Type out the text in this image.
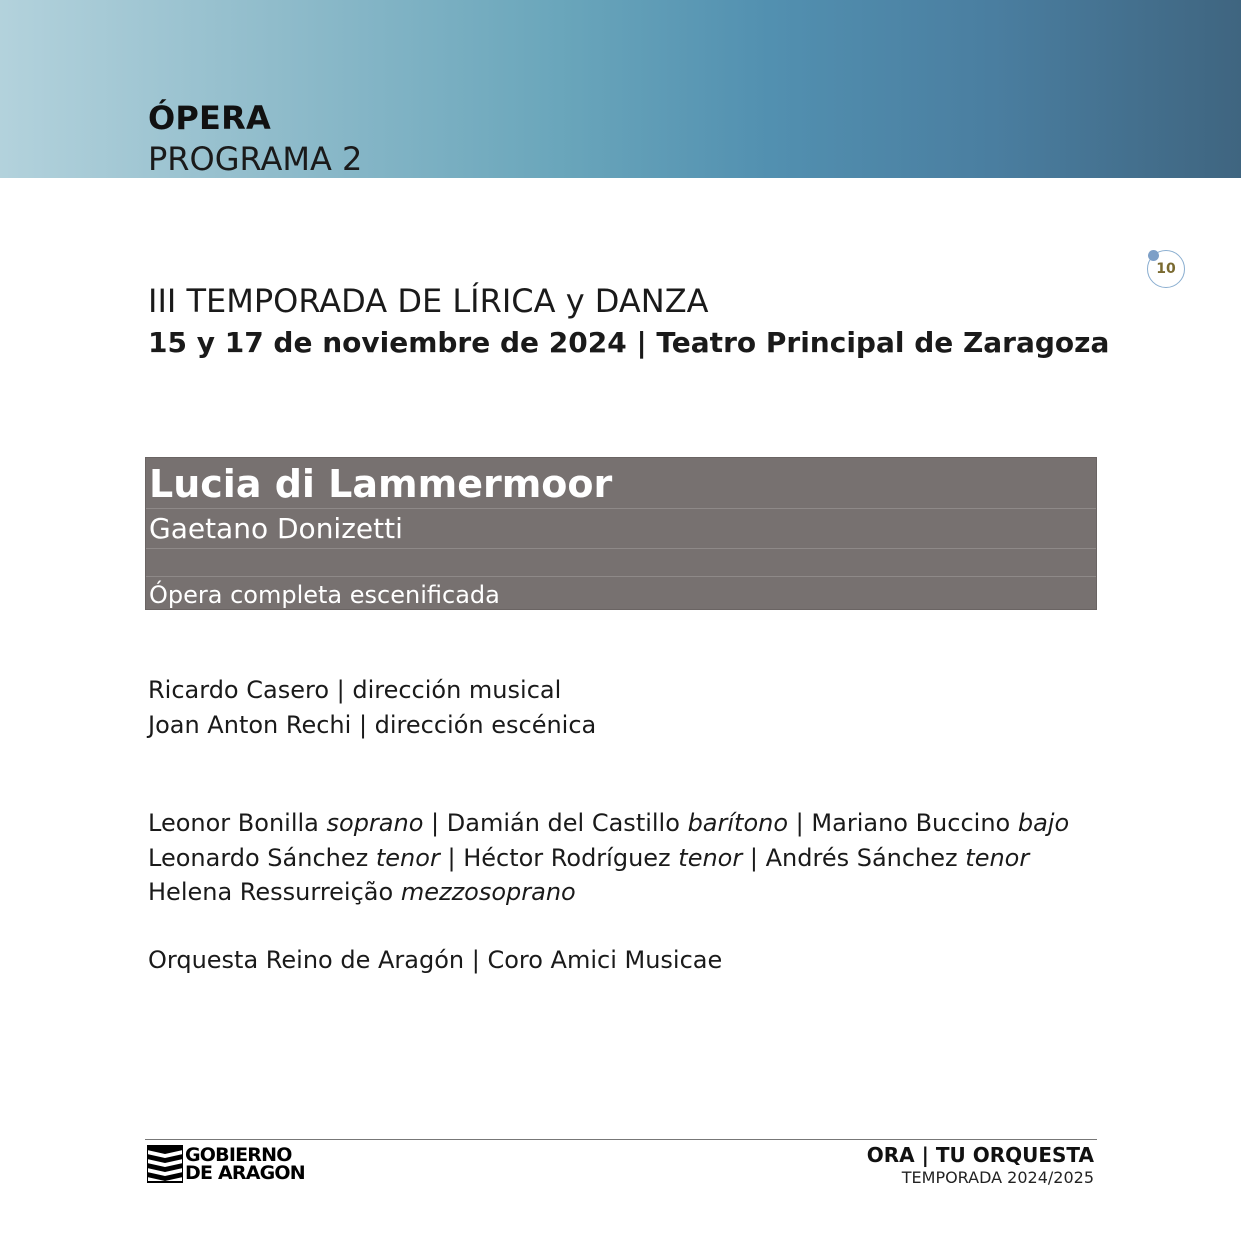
ÓPERA
PROGRAMA 2
10
III TEMPORADA DE LÍRICA y DANZA
15 y 17 de noviembre de 2024 | Teatro Principal de Zaragoza
Lucia di Lammermoor
Gaetano Donizetti
Ópera completa escenificada
Ricardo Casero | dirección musical
Joan Anton Rechi | dirección escénica
Leonor Bonilla soprano | Damián del Castillo barítono | Mariano Buccino bajo
Leonardo Sánchez tenor | Héctor Rodríguez tenor | Andrés Sánchez tenor
Helena Ressurreição mezzosoprano
Orquesta Reino de Aragón | Coro Amici Musicae
GOBIERNO
DE ARAGON
ORA | TU ORQUESTA
TEMPORADA 2024/2025
